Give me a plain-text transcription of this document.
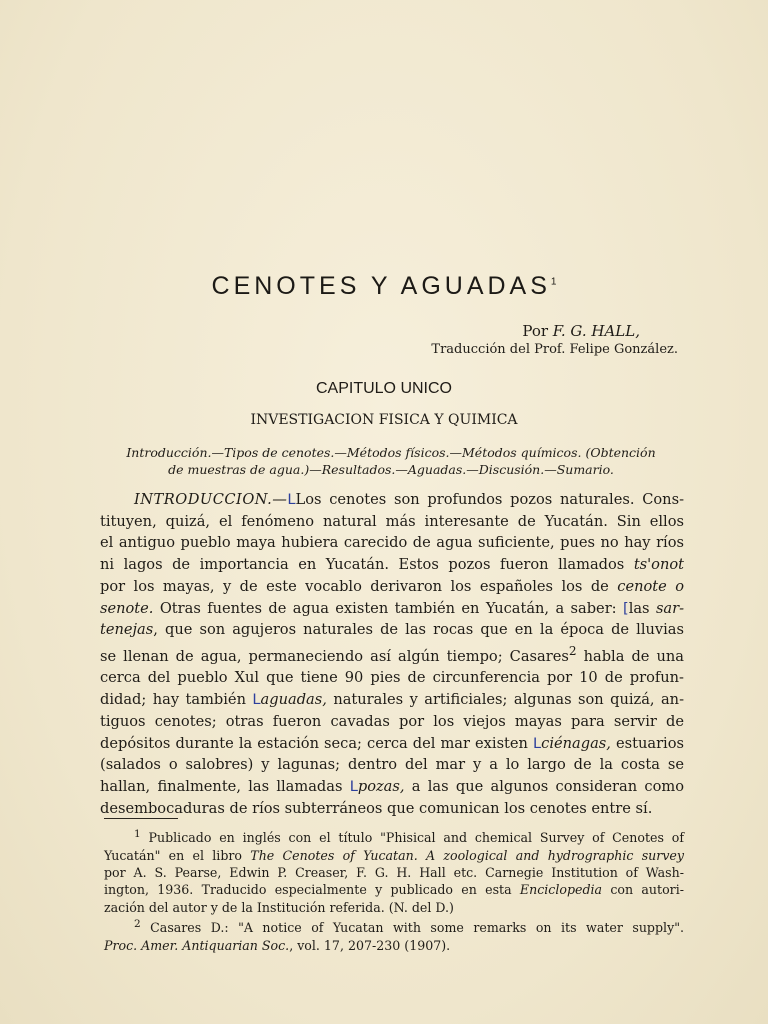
CENOTES Y AGUADAS$^1$
Por F. G. HALL,
Traducción del Prof. Felipe González.
CAPITULO UNICO
INVESTIGACION FISICA Y QUIMICA
Introducción.—Tipos de cenotes.—Métodos físicos.—Métodos químicos. (Obtención
de muestras de agua.)—Resultados.—Aguadas.—Discusión.—Sumario.
INTRODUCCION.—LLos cenotes son profundos pozos naturales. Cons-
tituyen, quizá, el fenómeno natural más interesante de Yucatán. Sin ellos
el antiguo pueblo maya hubiera carecido de agua suficiente, pues no hay ríos
ni lagos de importancia en Yucatán. Estos pozos fueron llamados ts'onot
por los mayas, y de este vocablo derivaron los españoles los de cenote o
senote. Otras fuentes de agua existen también en Yucatán, a saber: [las sar-
tenejas, que son agujeros naturales de las rocas que en la época de lluvias
se llenan de agua, permaneciendo así algún tiempo; Casares$^2$ habla de una
cerca del pueblo Xul que tiene 90 pies de circunferencia por 10 de profun-
didad; hay también Laguadas, naturales y artificiales; algunas son quizá, an-
tiguos cenotes; otras fueron cavadas por los viejos mayas para servir de
depósitos durante la estación seca; cerca del mar existen Lciénagas, estuarios
(salados o salobres) y lagunas; dentro del mar y a lo largo de la costa se
hallan, finalmente, las llamadas Lpozas, a las que algunos consideran como
desembocaduras de ríos subterráneos que comunican los cenotes entre sí.
$^1$ Publicado en inglés con el título "Phisical and chemical Survey of Cenotes of
Yucatán" en el libro The Cenotes of Yucatan. A zoological and hydrographic survey
por A. S. Pearse, Edwin P. Creaser, F. G. H. Hall etc. Carnegie Institution of Wash-
ington, 1936. Traducido especialmente y publicado en esta Enciclopedia con autori-
zación del autor y de la Institución referida. (N. del D.)
$^2$ Casares D.: "A notice of Yucatan with some remarks on its water supply".
Proc. Amer. Antiquarian Soc., vol. 17, 207-230 (1907).
